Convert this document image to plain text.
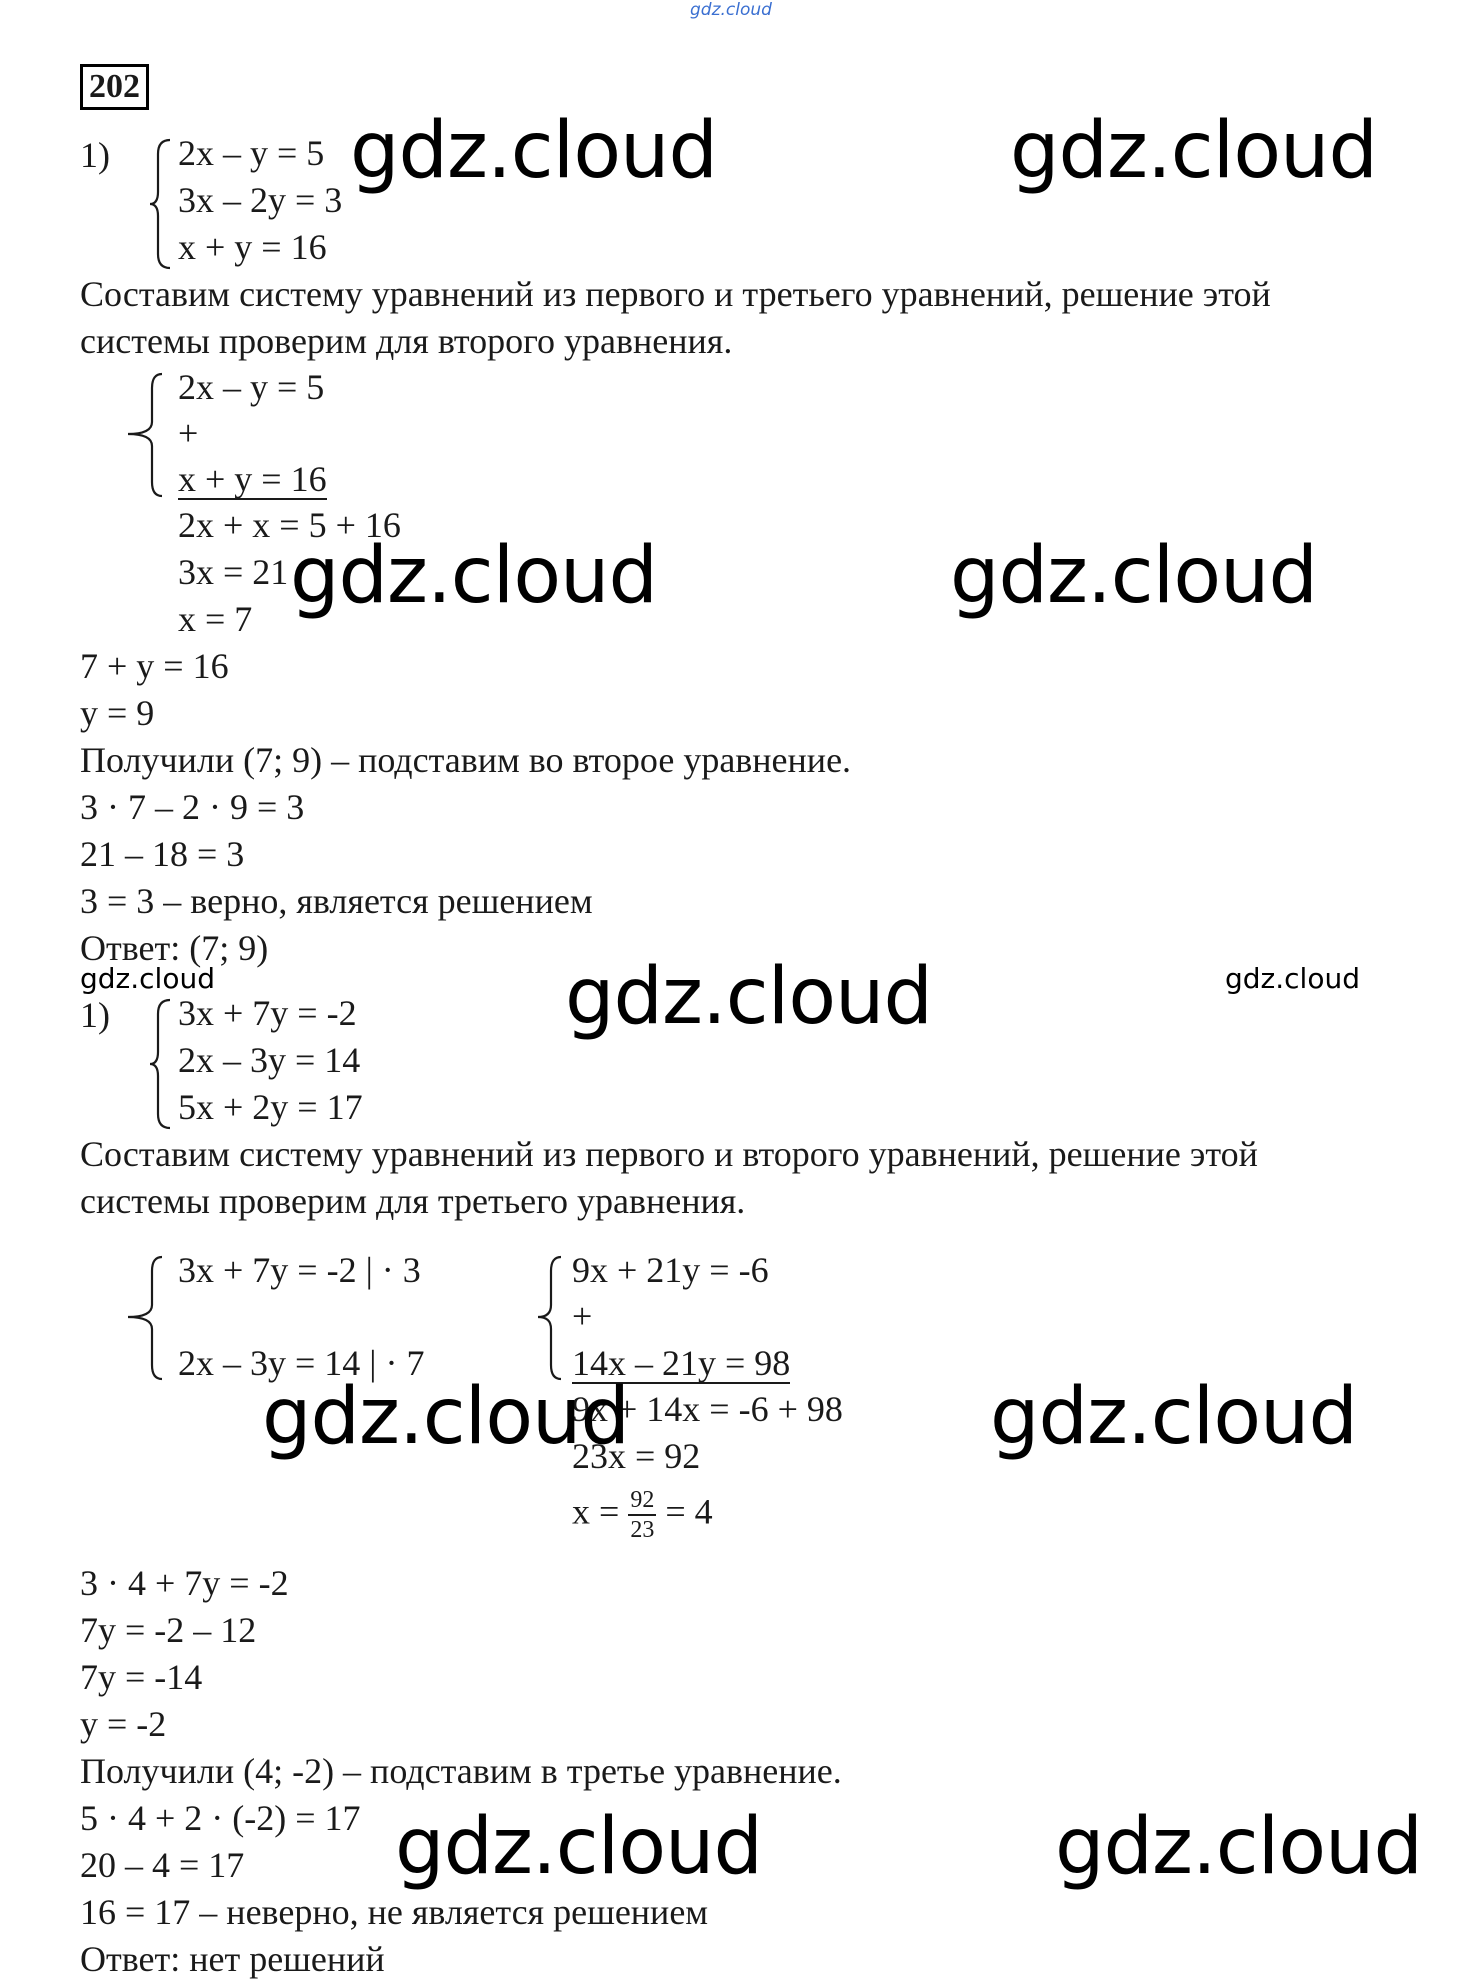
gdz.cloud
202
1) 2x – y = 5
3x – 2y = 3
x + y = 16
Составим систему уравнений из первого и третьего уравнений, решение этой
системы проверим для второго уравнения.
2x – y = 5
+
x + y = 16
2x + x = 5 + 16
3x = 21
x = 7
7 + y = 16
y = 9
Получили (7; 9) – подставим во второе уравнение.
3 · 7 – 2 · 9 = 3
21 – 18 = 3
3 = 3 – верно, является решением
Ответ: (7; 9)
1) 3x + 7y = -2
2x – 3y = 14
5x + 2y = 17
Составим систему уравнений из первого и второго уравнений, решение этой
системы проверим для третьего уравнения.
3x + 7y = -2 | · 3
2x – 3y = 14 | · 7
9x + 21y = -6
+
14x – 21y = 98
9x + 14x = -6 + 98
23x = 92
$x = \frac{92}{23} = 4$
3 · 4 + 7y = -2
7y = -2 – 12
7y = -14
y = -2
Получили (4; -2) – подставим в третье уравнение.
5 · 4 + 2 · (-2) = 17
20 – 4 = 17
16 = 17 – неверно, не является решением
Ответ: нет решений
gdz.cloud	gdz.cloud
gdz.cloud	gdz.cloud
gdz.cloud
gdz.cloud	gdz.cloud
gdz.cloud	gdz.cloud
gdz.cloud	gdz.cloud
